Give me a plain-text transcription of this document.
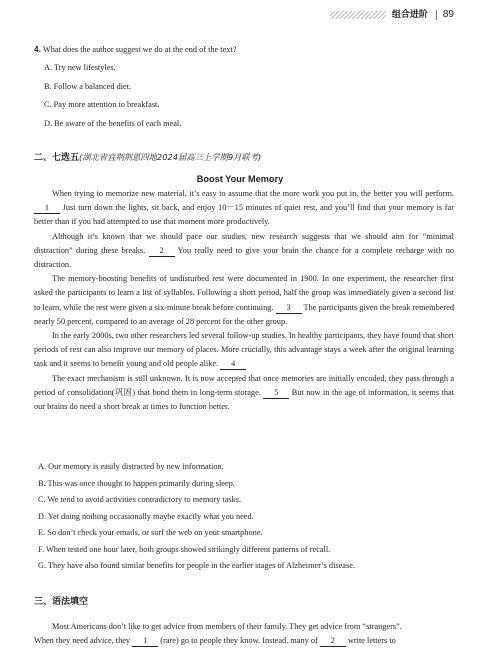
组合进阶 89
4. What does the author suggest we do at the end of the text?
A. Try new lifestyles.
B. Follow a balanced diet.
C. Pay more attention to breakfast.
D. Be aware of the benefits of each meal.
二、七选五(湖北省宜荆荆恩四地2024届高三上学期9月联考)
Boost Your Memory

When trying to memorize new material, it’s easy to assume that the more work you put in, the better you will perform. 1 Just turn down the lights, sit back, and enjoy 10－15 minutes of quiet rest, and you’ll find that your memory is far better than if you had attempted to use that moment more productively.

Although it’s known that we should pace our studies, new research suggests that we should aim for “minimal distraction” during these breaks. 2 You really need to give your brain the chance for a complete recharge with no distraction.

The memory-boosting benefits of undisturbed rest were documented in 1900. In one experiment, the researcher first asked the participants to learn a list of syllables. Following a short period, half the group was immediately given a second list to learn, while the rest were given a six-minute break before continuing. 3 The participants given the break remembered nearly 50 percent, compared to an average of 28 percent for the other group.

In the early 2000s, two other researchers led several follow-up studies. In healthy participants, they have found that short periods of rest can also improve our memory of places. More crucially, this advantage stays a week after the original learning task and it seems to benefit young and old people alike. 4

The exact mechanism is still unknown. It is now accepted that once memories are initially encoded, they pass through a period of consolidation(巩固) that bond them in long-term storage. 5 But now in the age of information, it seems that our brains do need a short break at times to function better.

A. Our memory is easily distracted by new information.
B. This was once thought to happen primarily during sleep.
C. We tend to avoid activities contradictory to memory tasks.
D. Yet doing nothing occasionally maybe exactly what you need.
E. So don’t check your emails, or surf the web on your smartphone.
F. When tested one hour later, both groups showed strikingly different patterns of recall.
G. They have also found similar benefits for people in the earlier stages of Alzheimer’s disease.
三、语法填空

Most Americans don’t like to get advice from members of their family. They get advice from “strangers”.

When they need advice, they 1 (rare) go to people they know. Instead, many of 2 write letters to
